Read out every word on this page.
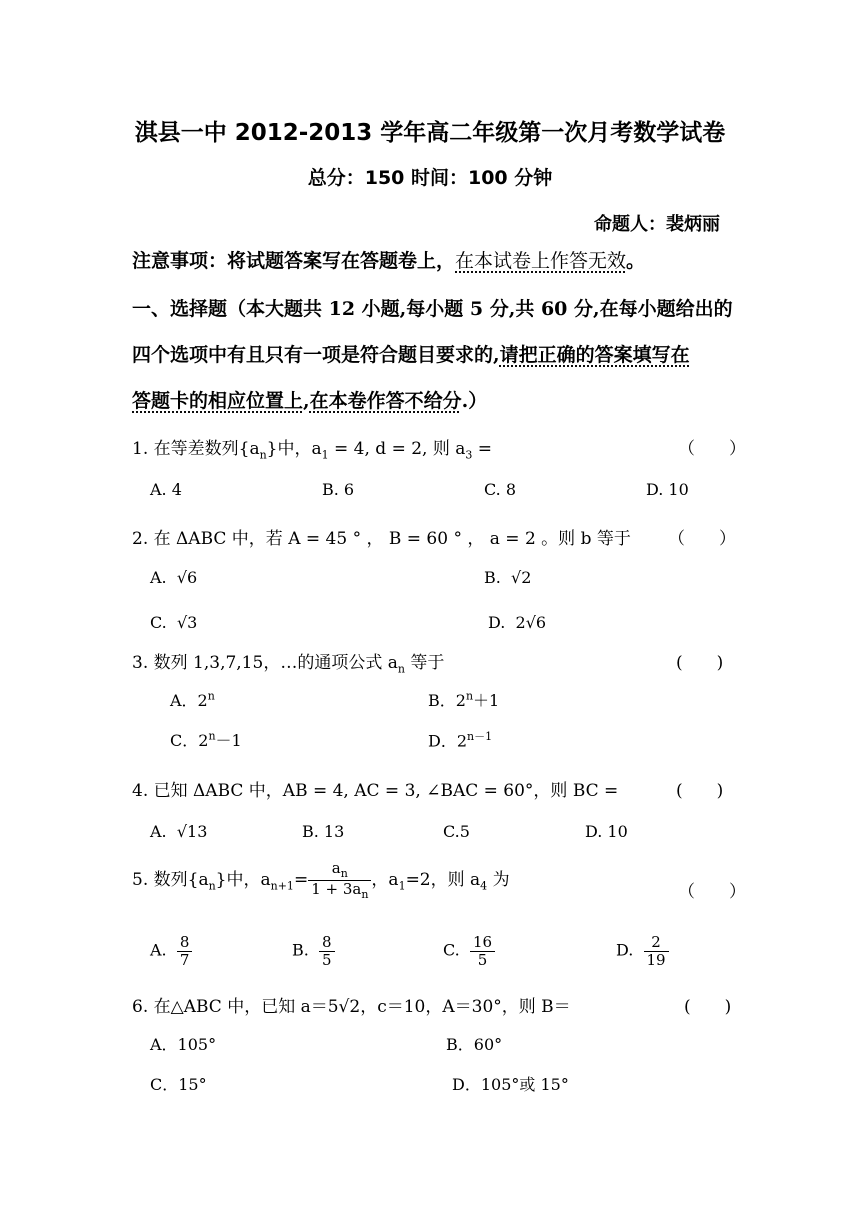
淇县一中 2012-2013 学年高二年级第一次月考数学试卷
总分：150 时间：100 分钟
命题人：裴炳丽
注意事项：将试题答案写在答题卷上，在本试卷上作答无效。
一、选择题（本大题共 12 小题,每小题 5 分,共 60 分,在每小题给出的
四个选项中有且只有一项是符合题目要求的,请把正确的答案填写在
答题卡的相应位置上,在本卷作答不给分.）
1. 在等差数列$\{a_n\}$中，$a_1 = 4$, d = 2, 则 $a_3$ =	（　　）
A. 4	B. 6	C. 8	D. 10
2. 在 ΔABC 中，若 A = 45 ° ， B = 60 ° ， a = 2 。则 b 等于 （　　）
A. √6	B. √2
C. √3	D. 2√6
3. 数列 1,3,7,15，…的通项公式 $a_n$ 等于	(　　)
A．2$^n$	B．$2^n+1$
C．$2^n-1$	D．$2^{n-1}$
4. 已知 ΔABC 中，AB = 4, AC = 3, ∠BAC = 60°，则 BC =	(　　)
A. √13	B. 13	C.5	D. 10
5. 数列$\{a_n\}$中，$a_{n+1}= \frac{a_n}{1 + 3a_n}$ ，$a_1=2$，则 $a_4$ 为
（　　）
A. $\frac{8}{7}$	B. $\frac{8}{5}$	C. $\frac{16}{5}$	D. $\frac{2}{19}$
6. 在△ABC 中，已知 a＝5√2，c＝10，A＝30°，则 B＝	(　　)
A．105°	B．60°
C．15°	D．105°或 15°
